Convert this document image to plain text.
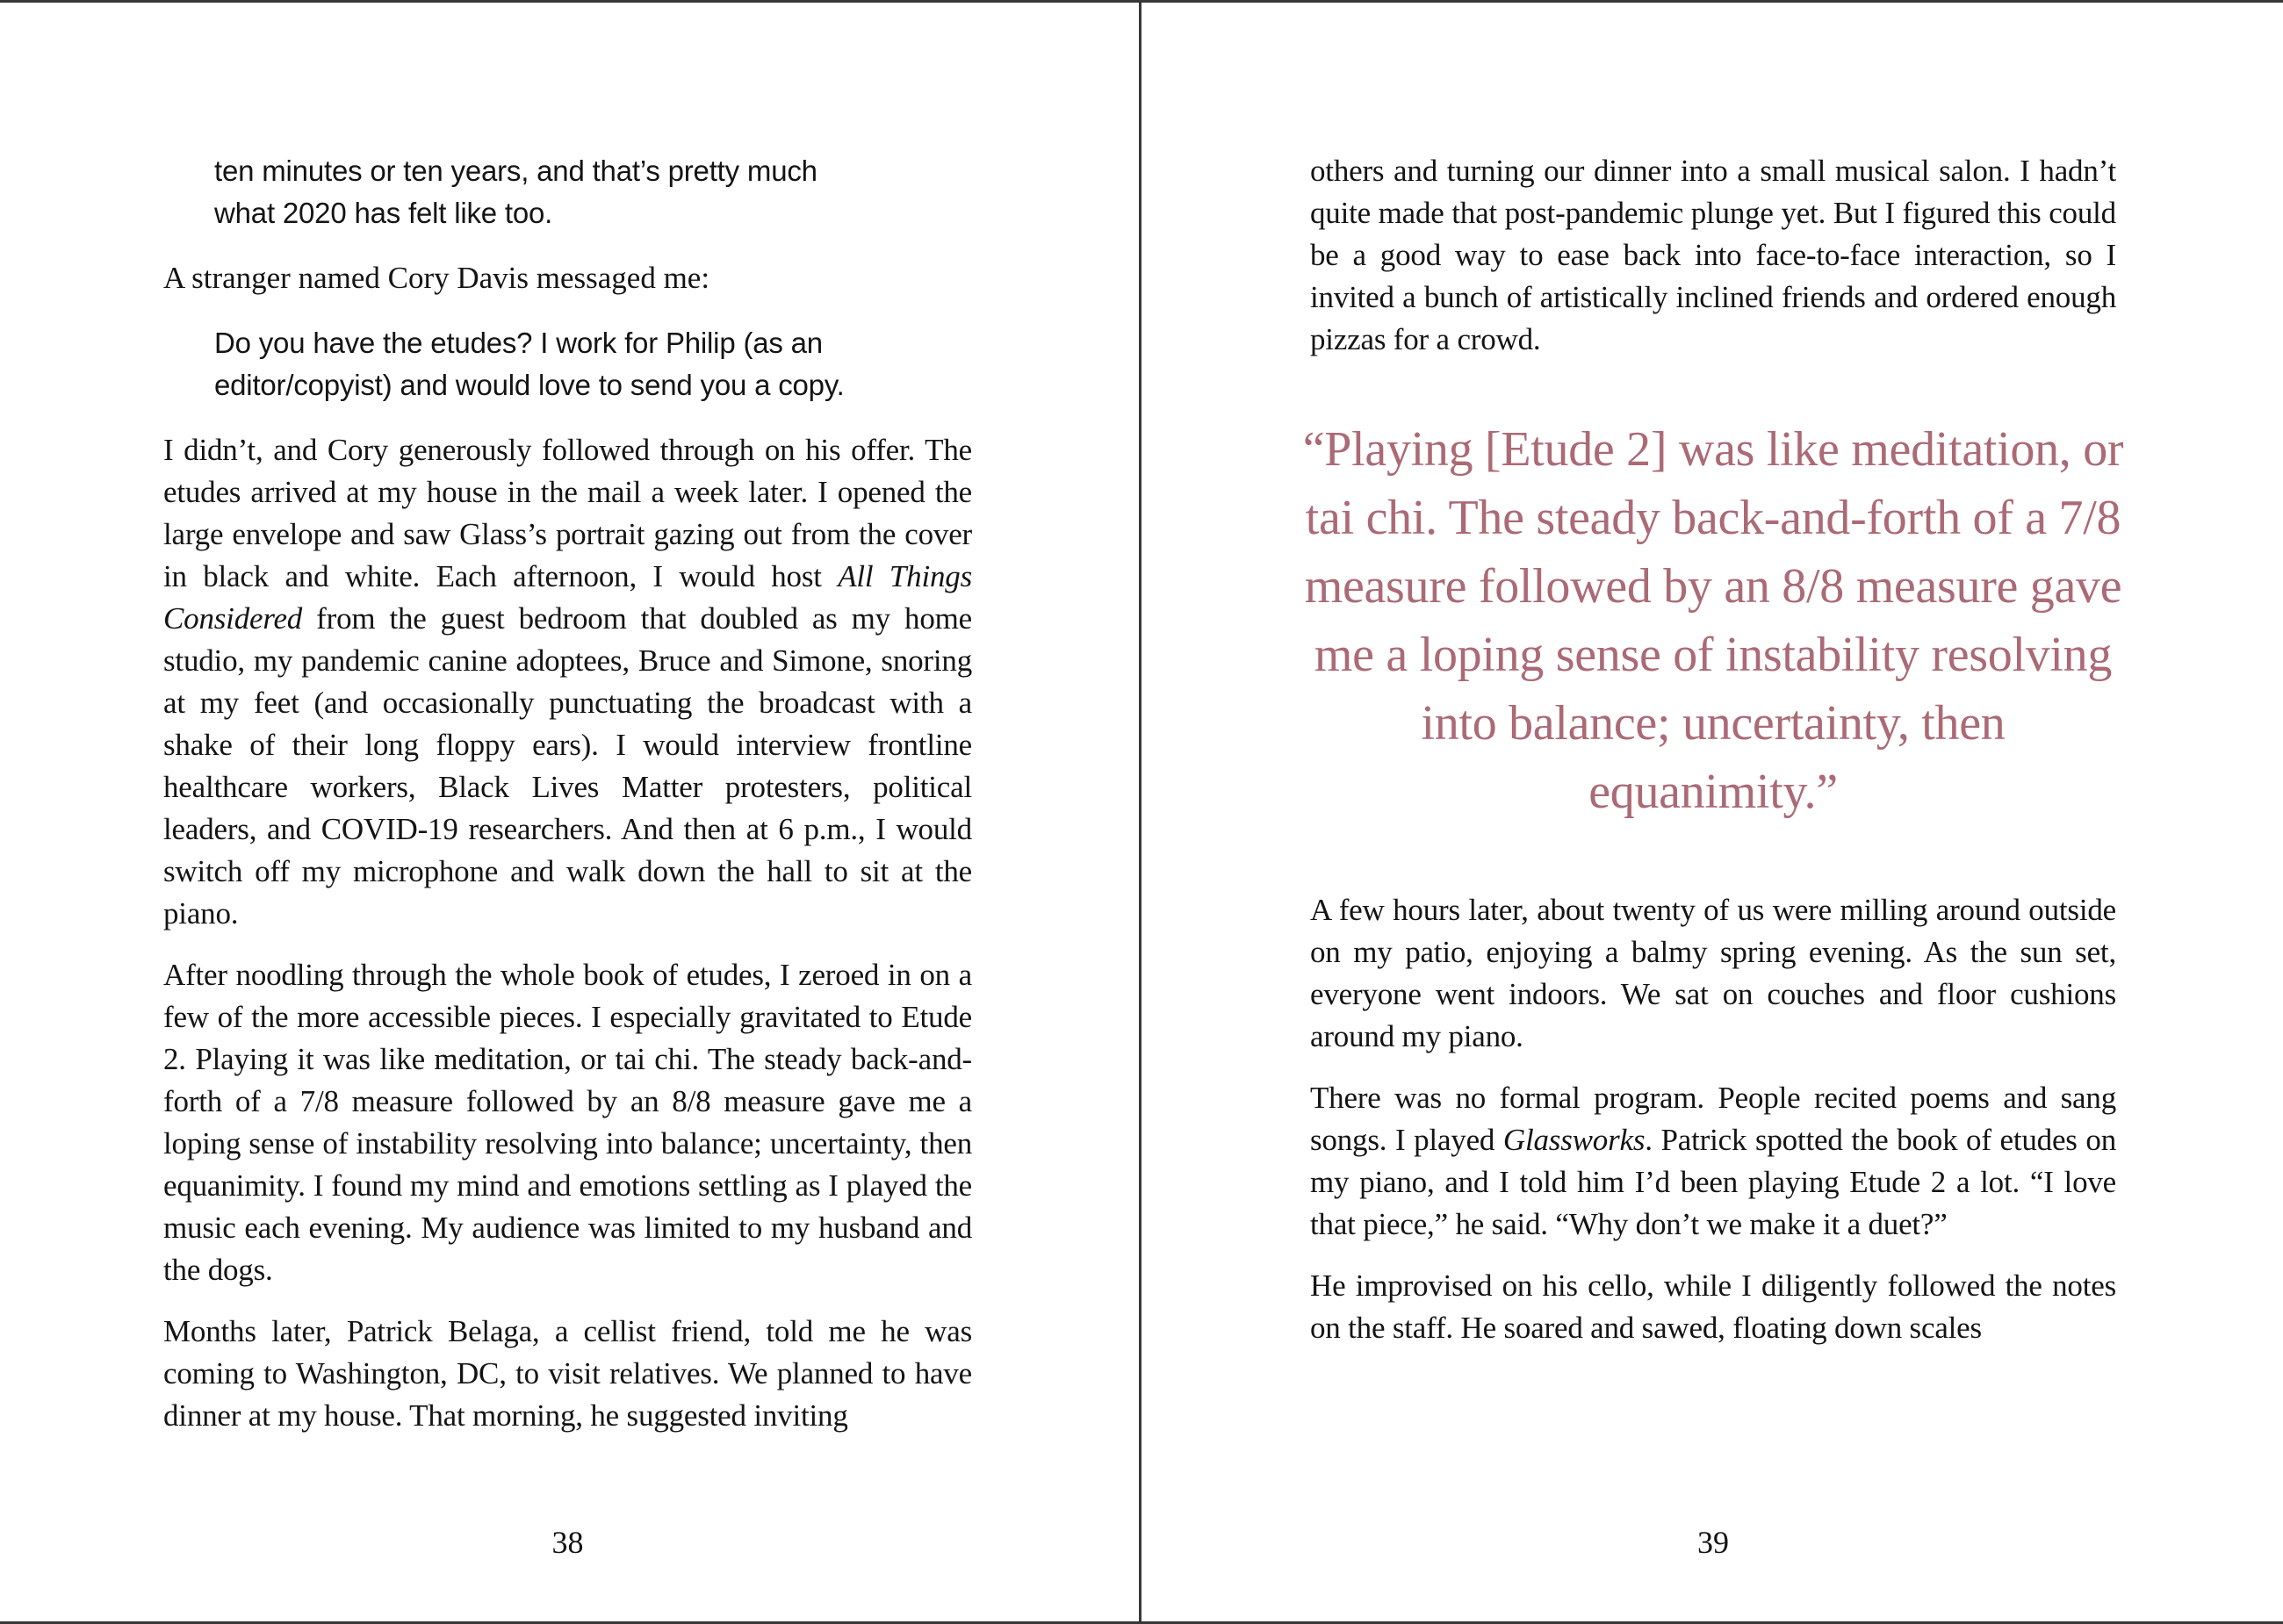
ten minutes or ten years, and that’s pretty much what 2020 has felt like too.

A stranger named Cory Davis messaged me:

Do you have the etudes? I work for Philip (as an editor/copyist) and would love to send you a copy.

I didn’t, and Cory generously followed through on his offer. The etudes arrived at my house in the mail a week later. I opened the large envelope and saw Glass’s portrait gazing out from the cover in black and white. Each afternoon, I would host All Things Considered from the guest bedroom that doubled as my home studio, my pandemic canine adoptees, Bruce and Simone, snoring at my feet (and occasionally punctuating the broadcast with a shake of their long floppy ears). I would interview frontline healthcare workers, Black Lives Matter protesters, political leaders, and COVID-19 researchers. And then at 6 p.m., I would switch off my microphone and walk down the hall to sit at the piano.

After noodling through the whole book of etudes, I zeroed in on a few of the more accessible pieces. I especially gravitated to Etude 2. Playing it was like meditation, or tai chi. The steady back-and-forth of a 7/8 measure followed by an 8/8 measure gave me a loping sense of instability resolving into balance; uncertainty, then equanimity. I found my mind and emotions settling as I played the music each evening. My audience was limited to my husband and the dogs.

Months later, Patrick Belaga, a cellist friend, told me he was coming to Washington, DC, to visit relatives. We planned to have dinner at my house. That morning, he suggested inviting

38

others and turning our dinner into a small musical salon. I hadn’t quite made that post-pandemic plunge yet. But I figured this could be a good way to ease back into face-to-face interaction, so I invited a bunch of artistically inclined friends and ordered enough pizzas for a crowd.

“Playing [Etude 2] was like meditation, or tai chi. The steady back-and-forth of a 7/8 measure followed by an 8/8 measure gave me a loping sense of instability resolving into balance; uncertainty, then equanimity.”

A few hours later, about twenty of us were milling around outside on my patio, enjoying a balmy spring evening. As the sun set, everyone went indoors. We sat on couches and floor cushions around my piano.

There was no formal program. People recited poems and sang songs. I played Glassworks. Patrick spotted the book of etudes on my piano, and I told him I’d been playing Etude 2 a lot. “I love that piece,” he said. “Why don’t we make it a duet?”

He improvised on his cello, while I diligently followed the notes on the staff. He soared and sawed, floating down scales

39
